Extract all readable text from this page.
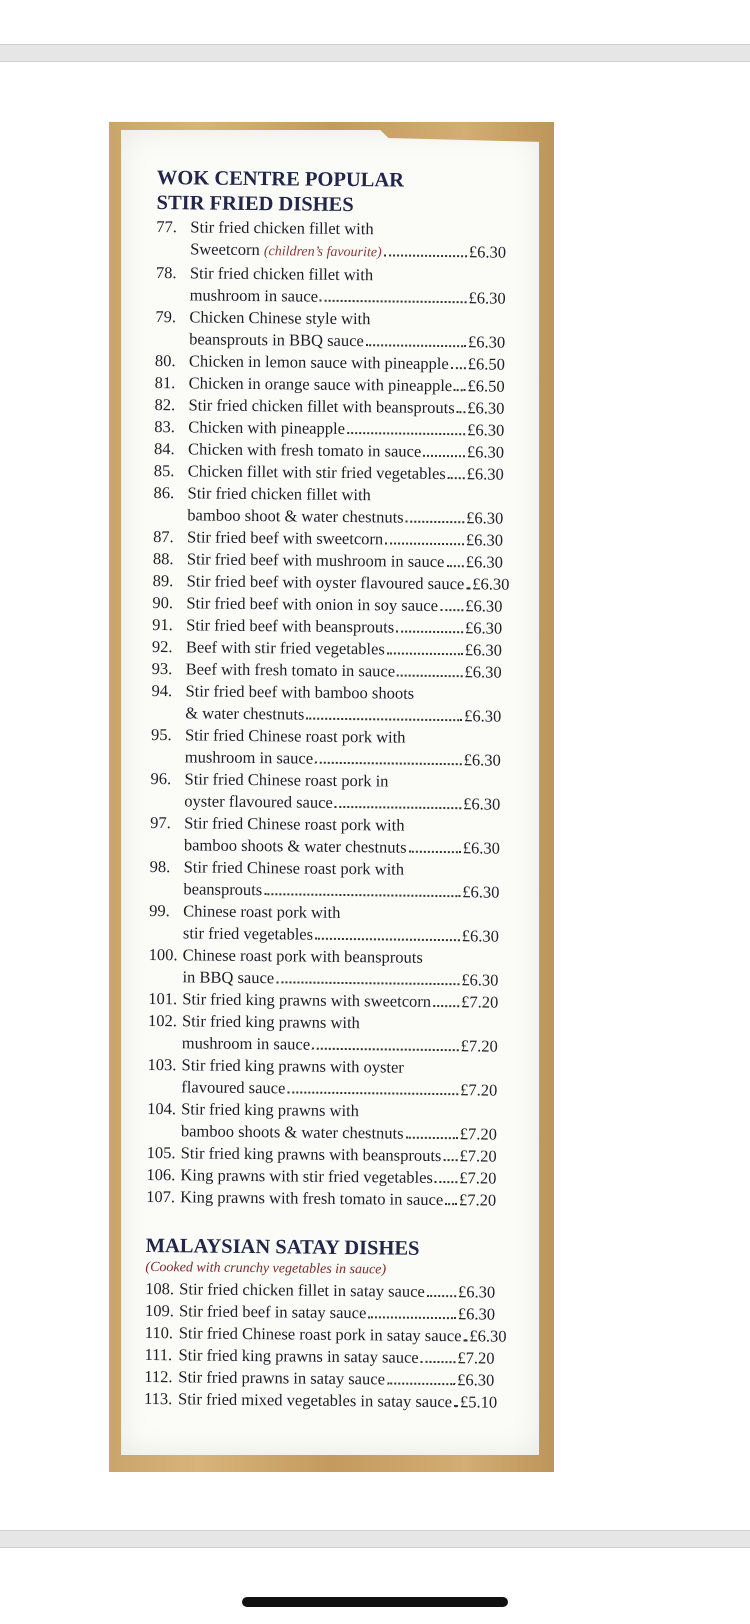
WOK CENTRE POPULAR
STIR FRIED DISHES
77. Stir fried chicken fillet with
Sweetcorn
(children’s favourite)	£6.30
78. Stir fried chicken fillet with
mushroom in sauce	£6.30
79. Chicken Chinese style with
beansprouts in BBQ sauce	£6.30
80. Chicken in lemon sauce with pineapple £6.50
81. Chicken in orange sauce with pineapple £6.50
82. Stir fried chicken fillet with beansprouts £6.30
83. Chicken with pineapple	£6.30
84. Chicken with fresh tomato in sauce	£6.30
85. Chicken fillet with stir fried vegetables £6.30
86. Stir fried chicken fillet with
bamboo shoot & water chestnuts	£6.30
87. Stir fried beef with sweetcorn	£6.30
88. Stir fried beef with mushroom in sauce £6.30
89. Stir fried beef with oyster flavoured sauce £6.30
90. Stir fried beef with onion in soy sauce £6.30
91. Stir fried beef with beansprouts	£6.30
92. Beef with stir fried vegetables	£6.30
93. Beef with fresh tomato in sauce	£6.30
94. Stir fried beef with bamboo shoots
& water chestnuts	£6.30
95. Stir fried Chinese roast pork with
mushroom in sauce	£6.30
96. Stir fried Chinese roast pork in
oyster flavoured sauce	£6.30
97. Stir fried Chinese roast pork with
bamboo shoots & water chestnuts	£6.30
98. Stir fried Chinese roast pork with
beansprouts	£6.30
99. Chinese roast pork with
stir fried vegetables	£6.30
100. Chinese roast pork with beansprouts
in BBQ sauce	£6.30
101. Stir fried king prawns with sweetcorn £7.20
102. Stir fried king prawns with
mushroom in sauce	£7.20
103. Stir fried king prawns with oyster
flavoured sauce	£7.20
104. Stir fried king prawns with
bamboo shoots & water chestnuts	£7.20
105. Stir fried king prawns with beansprouts £7.20
106. King prawns with stir fried vegetables £7.20
107. King prawns with fresh tomato in sauce £7.20
MALAYSIAN SATAY DISHES
(Cooked with crunchy vegetables in sauce)
108. Stir fried chicken fillet in satay sauce £6.30
109. Stir fried beef in satay sauce	£6.30
110. Stir fried Chinese roast pork in satay sauce £6.30
111. Stir fried king prawns in satay sauce £7.20
112. Stir fried prawns in satay sauce	£6.30
113. Stir fried mixed vegetables in satay sauce £5.10
